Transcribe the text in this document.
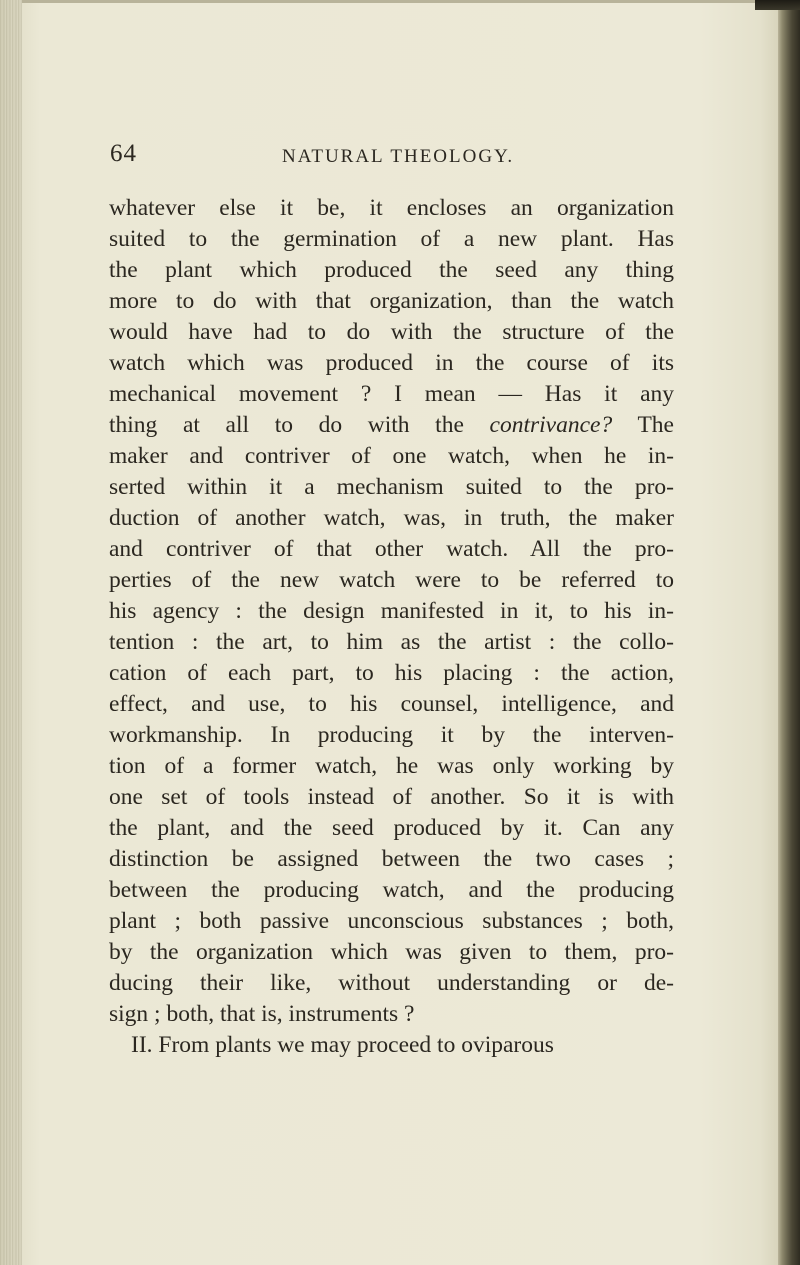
64	NATURAL THEOLOGY.
whatever else it be, it encloses an organization
suited to the germination of a new plant. Has
the plant which produced the seed any thing
more to do with that organization, than the watch
would have had to do with the structure of the
watch which was produced in the course of its
mechanical movement ? I mean — Has it any
thing at all to do with the contrivance? The
maker and contriver of one watch, when he in-
serted within it a mechanism suited to the pro-
duction of another watch, was, in truth, the maker
and contriver of that other watch. All the pro-
perties of the new watch were to be referred to
his agency : the design manifested in it, to his in-
tention : the art, to him as the artist : the collo-
cation of each part, to his placing : the action,
effect, and use, to his counsel, intelligence, and
workmanship. In producing it by the interven-
tion of a former watch, he was only working by
one set of tools instead of another. So it is with
the plant, and the seed produced by it. Can any
distinction be assigned between the two cases ;
between the producing watch, and the producing
plant ; both passive unconscious substances ; both,
by the organization which was given to them, pro-
ducing their like, without understanding or de-
sign ; both, that is, instruments ?
II. From plants we may proceed to oviparous
